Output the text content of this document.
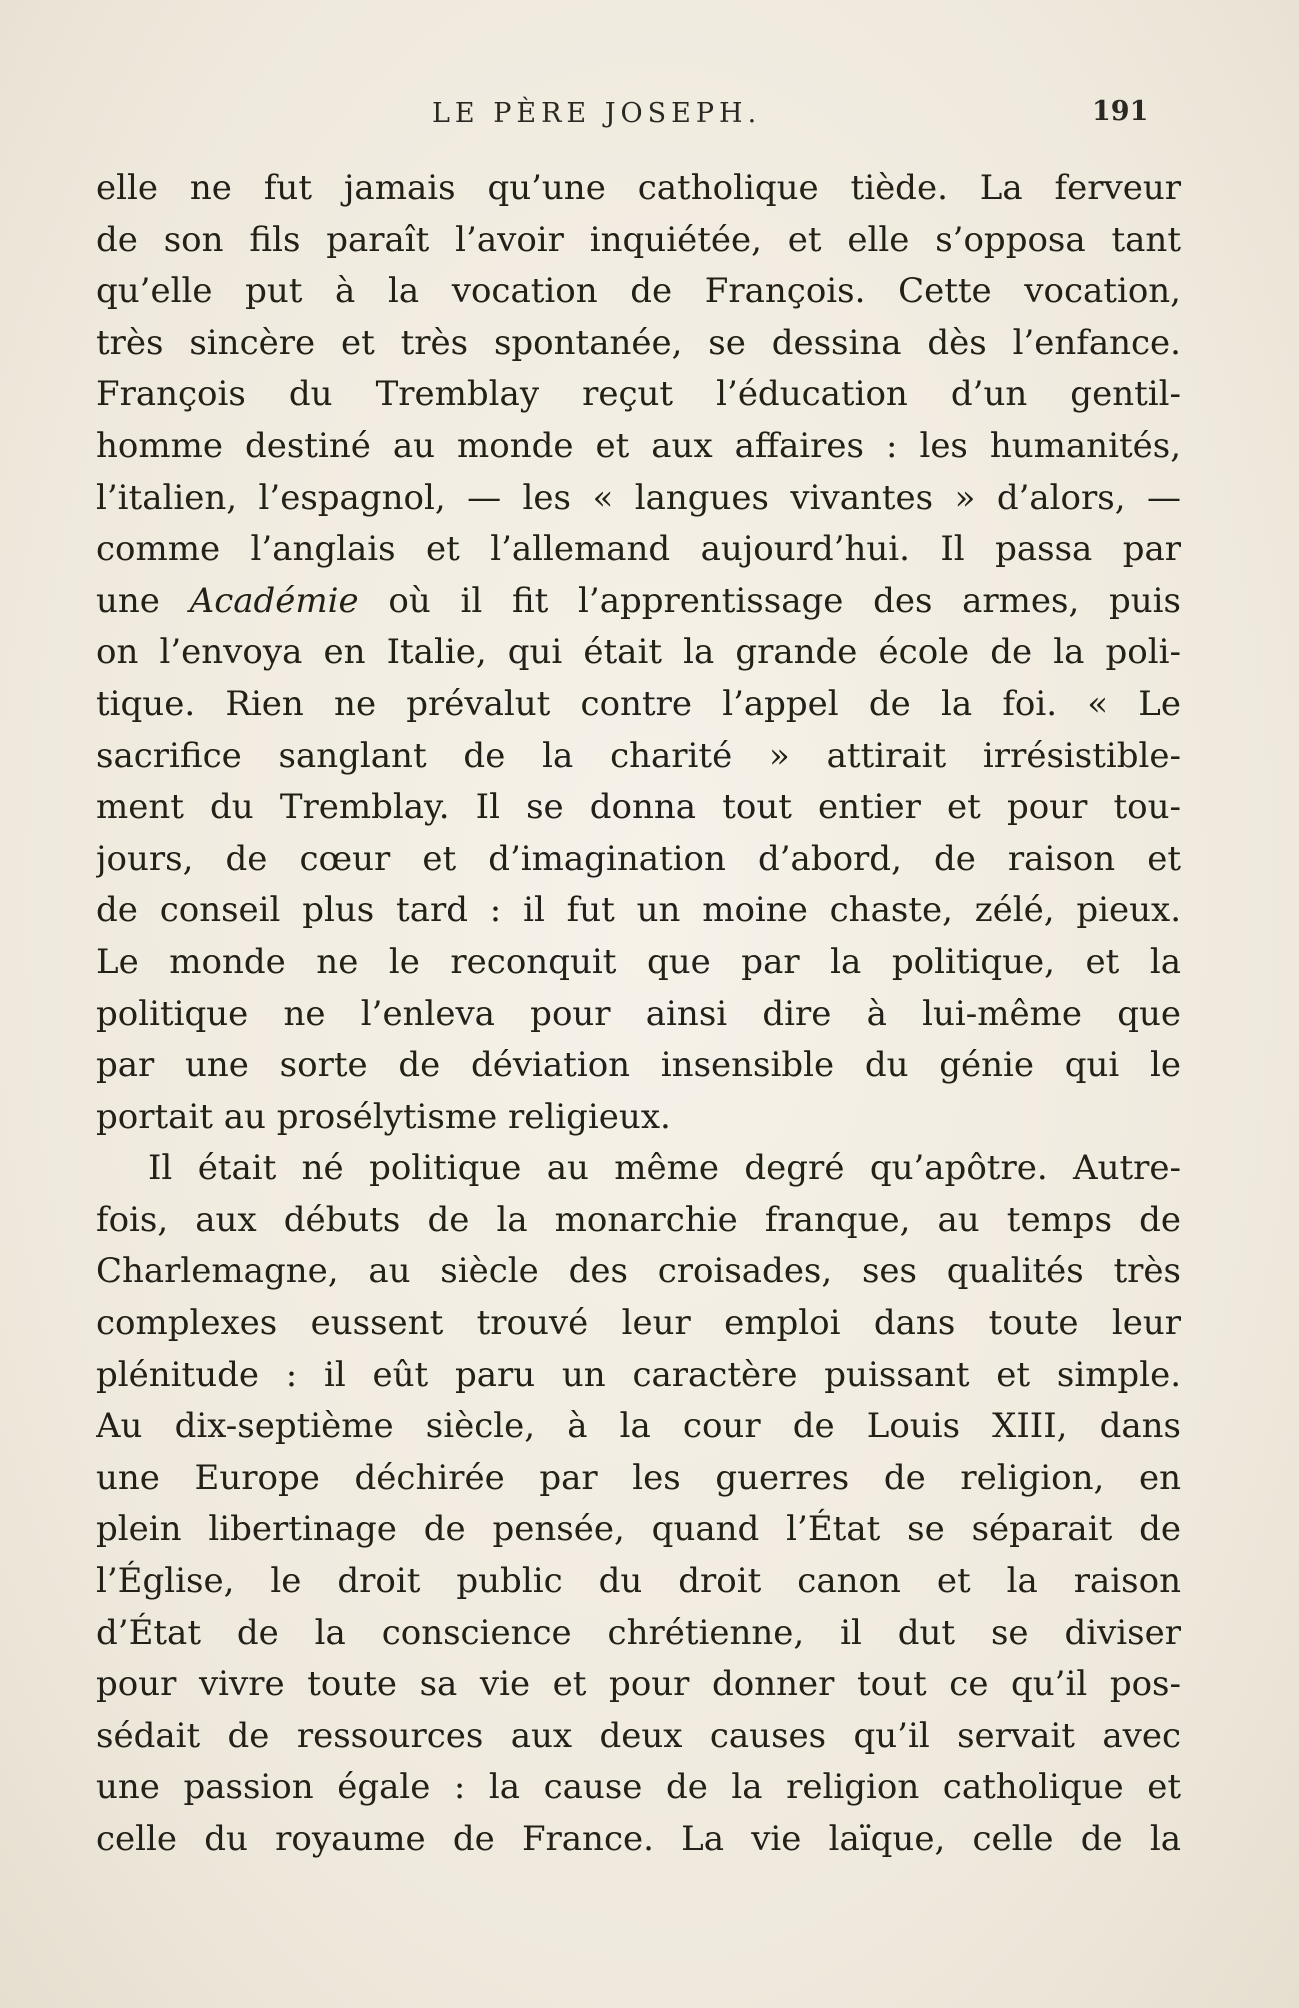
LE PÈRE JOSEPH.	191
elle ne fut jamais qu’une catholique tiède. La ferveur
de son fils paraît l’avoir inquiétée, et elle s’opposa tant
qu’elle put à la vocation de François. Cette vocation,
très sincère et très spontanée, se dessina dès l’enfance.
François du Tremblay reçut l’éducation d’un gentil-
homme destiné au monde et aux affaires : les humanités,
l’italien, l’espagnol, — les « langues vivantes » d’alors, —
comme l’anglais et l’allemand aujourd’hui. Il passa par
une Académie où il fit l’apprentissage des armes, puis
on l’envoya en Italie, qui était la grande école de la poli-
tique. Rien ne prévalut contre l’appel de la foi. « Le
sacrifice sanglant de la charité » attirait irrésistible-
ment du Tremblay. Il se donna tout entier et pour tou-
jours, de cœur et d’imagination d’abord, de raison et
de conseil plus tard : il fut un moine chaste, zélé, pieux.
Le monde ne le reconquit que par la politique, et la
politique ne l’enleva pour ainsi dire à lui-même que
par une sorte de déviation insensible du génie qui le
portait au prosélytisme religieux.
Il était né politique au même degré qu’apôtre. Autre-
fois, aux débuts de la monarchie franque, au temps de
Charlemagne, au siècle des croisades, ses qualités très
complexes eussent trouvé leur emploi dans toute leur
plénitude : il eût paru un caractère puissant et simple.
Au dix-septième siècle, à la cour de Louis XIII, dans
une Europe déchirée par les guerres de religion, en
plein libertinage de pensée, quand l’État se séparait de
l’Église, le droit public du droit canon et la raison
d’État de la conscience chrétienne, il dut se diviser
pour vivre toute sa vie et pour donner tout ce qu’il pos-
sédait de ressources aux deux causes qu’il servait avec
une passion égale : la cause de la religion catholique et
celle du royaume de France. La vie laïque, celle de la
